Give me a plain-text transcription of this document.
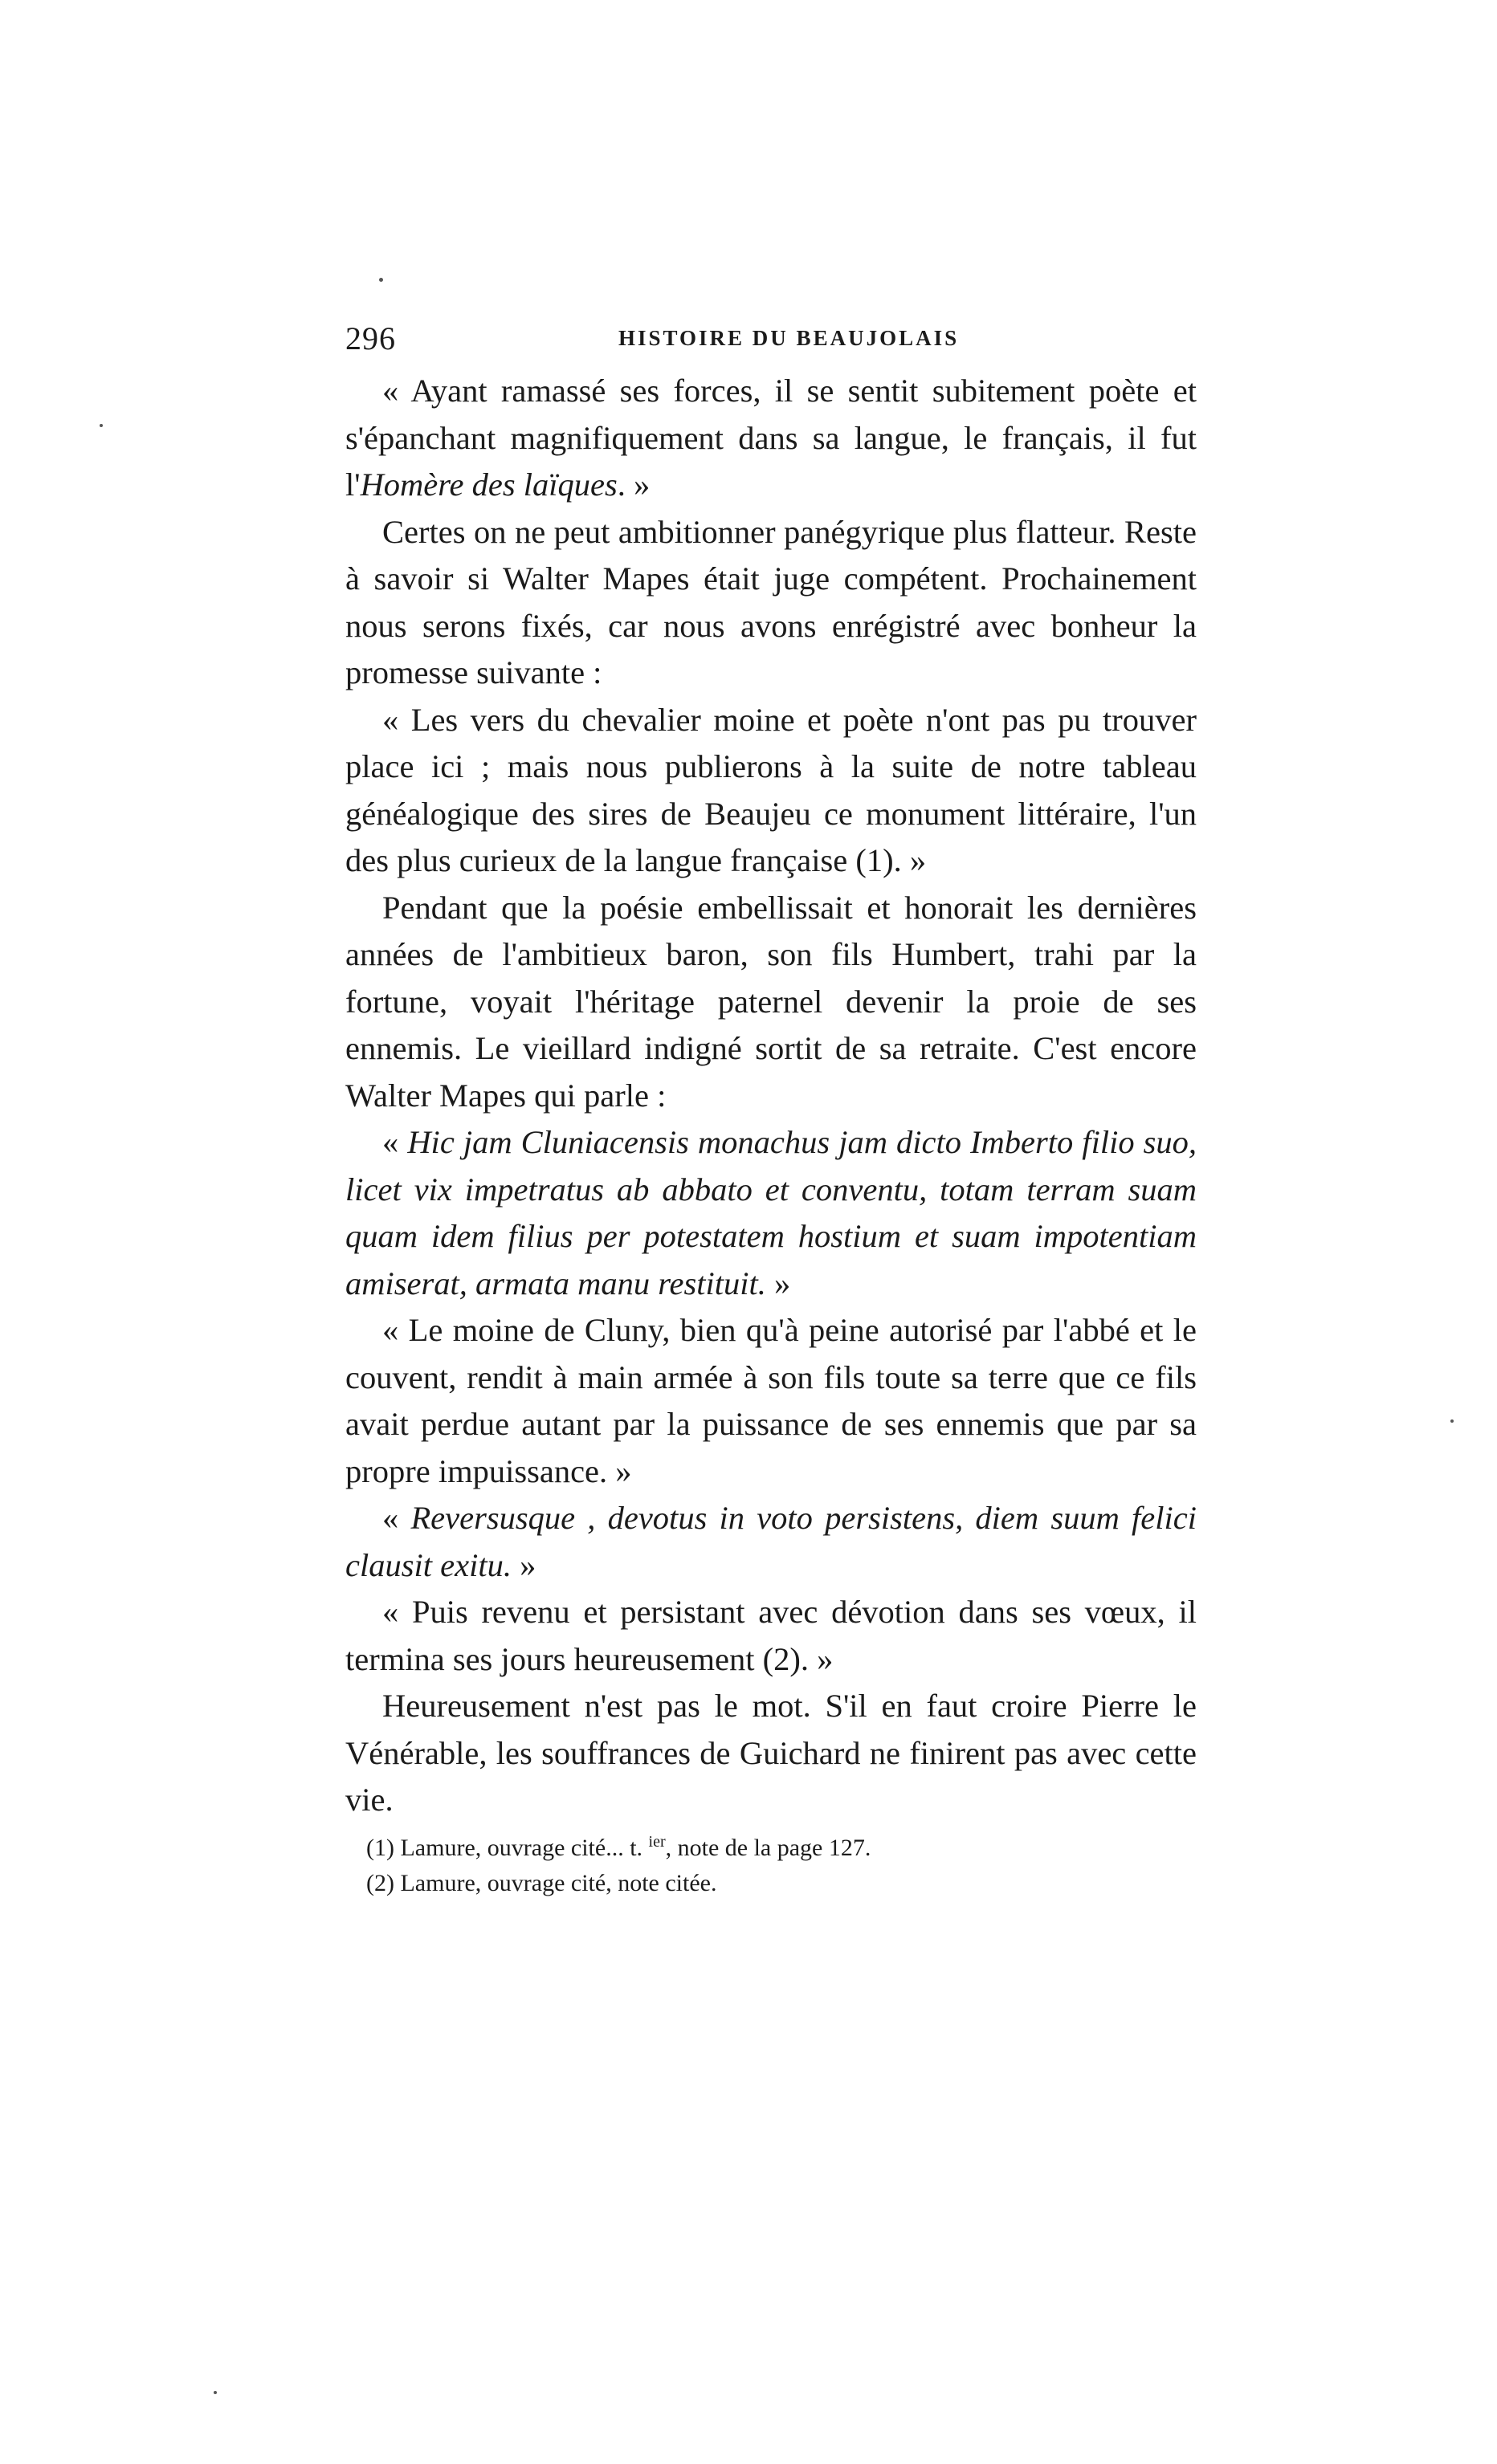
296	HISTOIRE DU BEAUJOLAIS

« Ayant ramassé ses forces, il se sentit subitement poète et s'épanchant magnifiquement dans sa langue, le français, il fut l'Homère des laïques. »

Certes on ne peut ambitionner panégyrique plus flatteur. Reste à savoir si Walter Mapes était juge compétent. Prochainement nous serons fixés, car nous avons enrégistré avec bonheur la promesse suivante :

« Les vers du chevalier moine et poète n'ont pas pu trouver place ici ; mais nous publierons à la suite de notre tableau généalogique des sires de Beaujeu ce monument littéraire, l'un des plus curieux de la langue française (1). »

Pendant que la poésie embellissait et honorait les dernières années de l'ambitieux baron, son fils Humbert, trahi par la fortune, voyait l'héritage paternel devenir la proie de ses ennemis. Le vieillard indigné sortit de sa retraite. C'est encore Walter Mapes qui parle :

« Hic jam Cluniacensis monachus jam dicto Imberto filio suo, licet vix impetratus ab abbato et conventu, totam terram suam quam idem filius per potestatem hostium et suam impotentiam amiserat, armata manu restituit. »

« Le moine de Cluny, bien qu'à peine autorisé par l'abbé et le couvent, rendit à main armée à son fils toute sa terre que ce fils avait perdue autant par la puissance de ses ennemis que par sa propre impuissance. »

« Reversusque , devotus in voto persistens, diem suum felici clausit exitu. »

« Puis revenu et persistant avec dévotion dans ses vœux, il termina ses jours heureusement (2). »

Heureusement n'est pas le mot. S'il en faut croire Pierre le Vénérable, les souffrances de Guichard ne finirent pas avec cette vie.

(1) Lamure, ouvrage cité... t. $^{ier}$, note de la page 127.

(2) Lamure, ouvrage cité, note citée.
